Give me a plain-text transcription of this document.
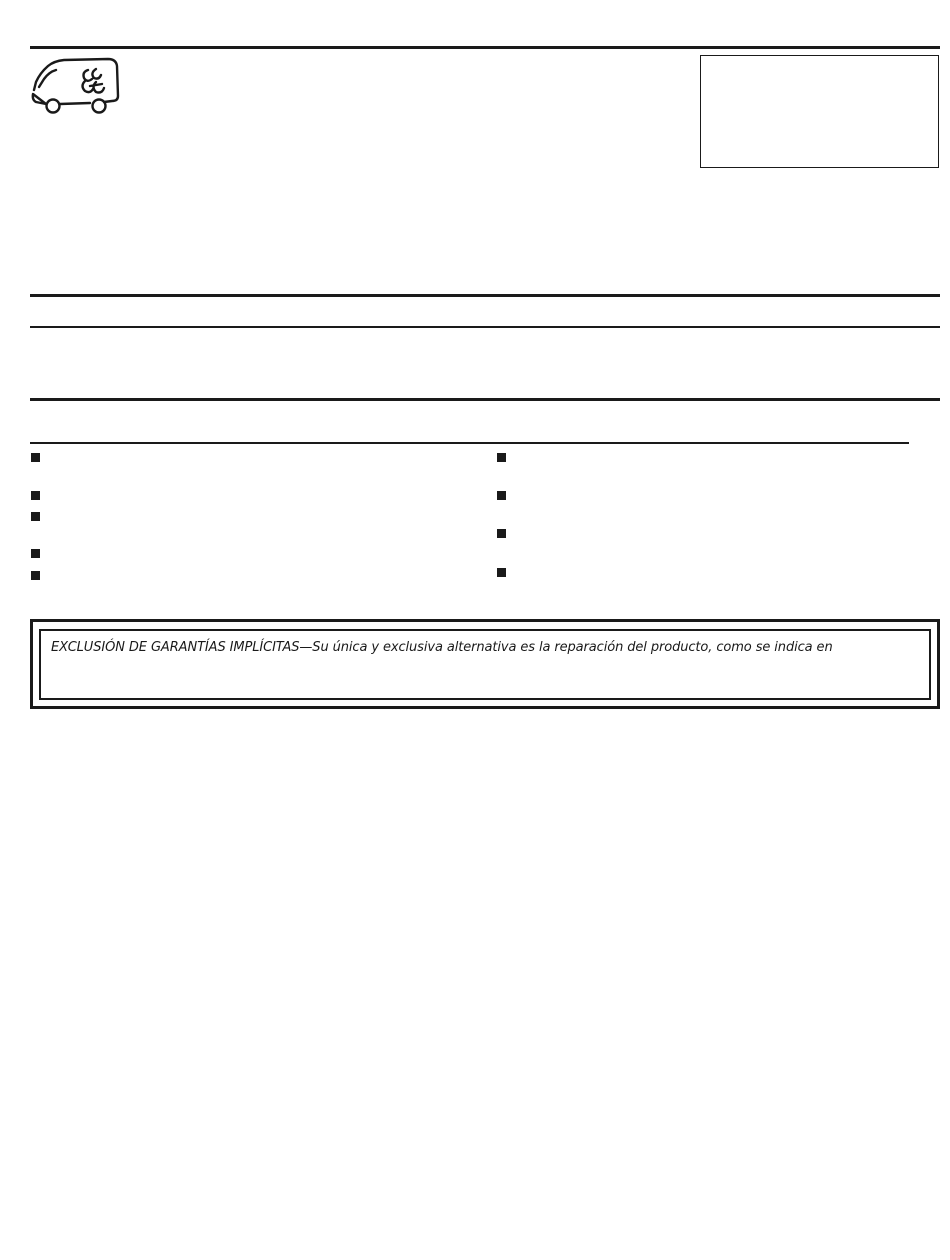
EXCLUSIÓN DE GARANTÍAS IMPLÍCITAS—Su única y exclusiva alternativa es la reparación del producto, como se indica en
